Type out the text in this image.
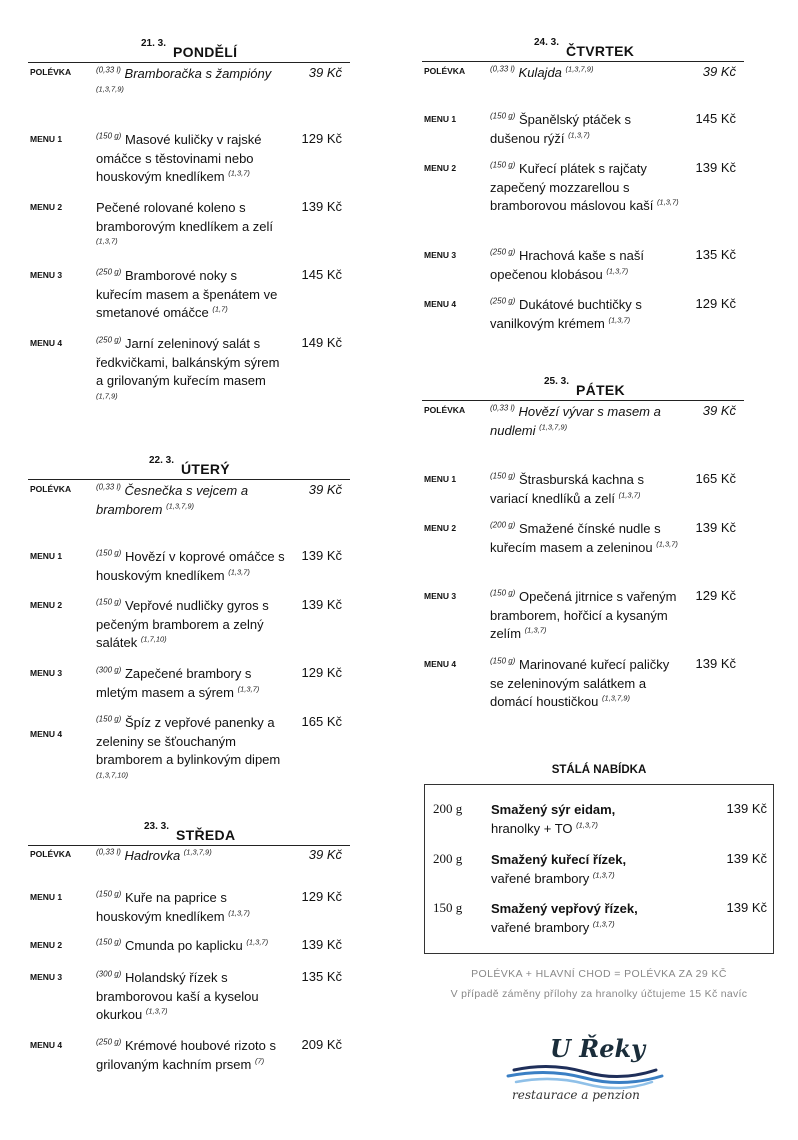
21. 3.
PONDĚLÍ
POLÉVKA	$^{(0,33 l)}$ Bramboračka s žampióny $^{(1,3,7,9)}$
39 Kč
MENU 1	$^{(150 g)}$ Masové kuličky v rajské omáčce s těstovinami nebo houskovým knedlíkem $^{(1,3,7)}$
129 Kč
MENU 2	Pečené rolované koleno s bramborovým knedlíkem a zelí $^{(1,3,7)}$
139 Kč
MENU 3	$^{(250 g)}$ Bramborové noky s kuřecím masem a špenátem ve smetanové omáčce $^{(1,7)}$
145 Kč
MENU 4	$^{(250 g)}$ Jarní zeleninový salát s ředkvičkami, balkánským sýrem a grilovaným kuřecím masem $^{(1,7,9)}$
149 Kč
22. 3.
ÚTERÝ
POLÉVKA	$^{(0,33 l)}$ Česnečka s vejcem a bramborem $^{(1,3,7,9)}$
39 Kč
MENU 1	$^{(150 g)}$ Hovězí v koprové omáčce s houskovým knedlíkem $^{(1,3,7)}$
139 Kč
MENU 2	$^{(150 g)}$ Vepřové nudličky gyros s pečeným bramborem a zelný salátek $^{(1,7,10)}$
139 Kč
MENU 3	$^{(300 g)}$ Zapečené brambory s mletým masem a sýrem $^{(1,3,7)}$
129 Kč
MENU 4
$^{(150 g)}$ Špíz z vepřové panenky a zeleniny se šťouchaným bramborem a bylinkovým dipem $^{(1,3,7,10)}$
165 Kč
23. 3.
STŘEDA
POLÉVKA	$^{(0,33 l)}$ Hadrovka $^{(1,3,7,9)}$	39 Kč
MENU 1	$^{(150 g)}$ Kuře na paprice s houskovým knedlíkem $^{(1,3,7)}$
129 Kč
MENU 2	$^{(150 g)}$ Cmunda po kaplicku $^{(1,3,7)}$	139 Kč
MENU 3	$^{(300 g)}$ Holandský řízek s bramborovou kaší a kyselou okurkou $^{(1,3,7)}$
135 Kč
MENU 4	$^{(250 g)}$ Krémové houbové rizoto s grilovaným kachním prsem $^{(7)}$
209 Kč
24. 3.
ČTVRTEK
POLÉVKA	$^{(0,33 l)}$ Kulajda $^{(1,3,7,9)}$	39 Kč
MENU 1	$^{(150 g)}$ Španělský ptáček s dušenou rýží $^{(1,3,7)}$
145 Kč
MENU 2	$^{(150 g)}$ Kuřecí plátek s rajčaty zapečený mozzarellou s bramborovou máslovou kaší $^{(1,3,7)}$
139 Kč
MENU 3	$^{(250 g)}$ Hrachová kaše s naší opečenou klobásou $^{(1,3,7)}$
135 Kč
MENU 4	$^{(250 g)}$ Dukátové buchtičky s vanilkovým krémem $^{(1,3,7)}$
129 Kč
25. 3.
PÁTEK
POLÉVKA	$^{(0,33 l)}$ Hovězí vývar s masem a nudlemi $^{(1,3,7,9)}$
39 Kč
MENU 1	$^{(150 g)}$ Štrasburská kachna s variací knedlíků a zelí $^{(1,3,7)}$
165 Kč
MENU 2	$^{(200 g)}$ Smažené čínské nudle s kuřecím masem a zeleninou $^{(1,3,7)}$
139 Kč
MENU 3	$^{(150 g)}$ Opečená jitrnice s vařeným bramborem, hořčicí a kysaným zelím $^{(1,3,7)}$
129 Kč
MENU 4	$^{(150 g)}$ Marinované kuřecí paličky se zeleninovým salátkem a domácí houstičkou $^{(1,3,7,9)}$
139 Kč
STÁLÁ NABÍDKA
200 g Smažený sýr eidam,
hranolky + TO $^{(1,3,7)}$
139 Kč
200 g Smažený kuřecí řízek,
vařené brambory $^{(1,3,7)}$
139 Kč
150 g Smažený vepřový řízek,
vařené brambory $^{(1,3,7)}$
139 Kč
POLÉVKA + HLAVNÍ CHOD = POLÉVKA ZA 29 KČ
V případě záměny přílohy za hranolky účtujeme 15 Kč navíc
U Řeky
restaurace a penzion
